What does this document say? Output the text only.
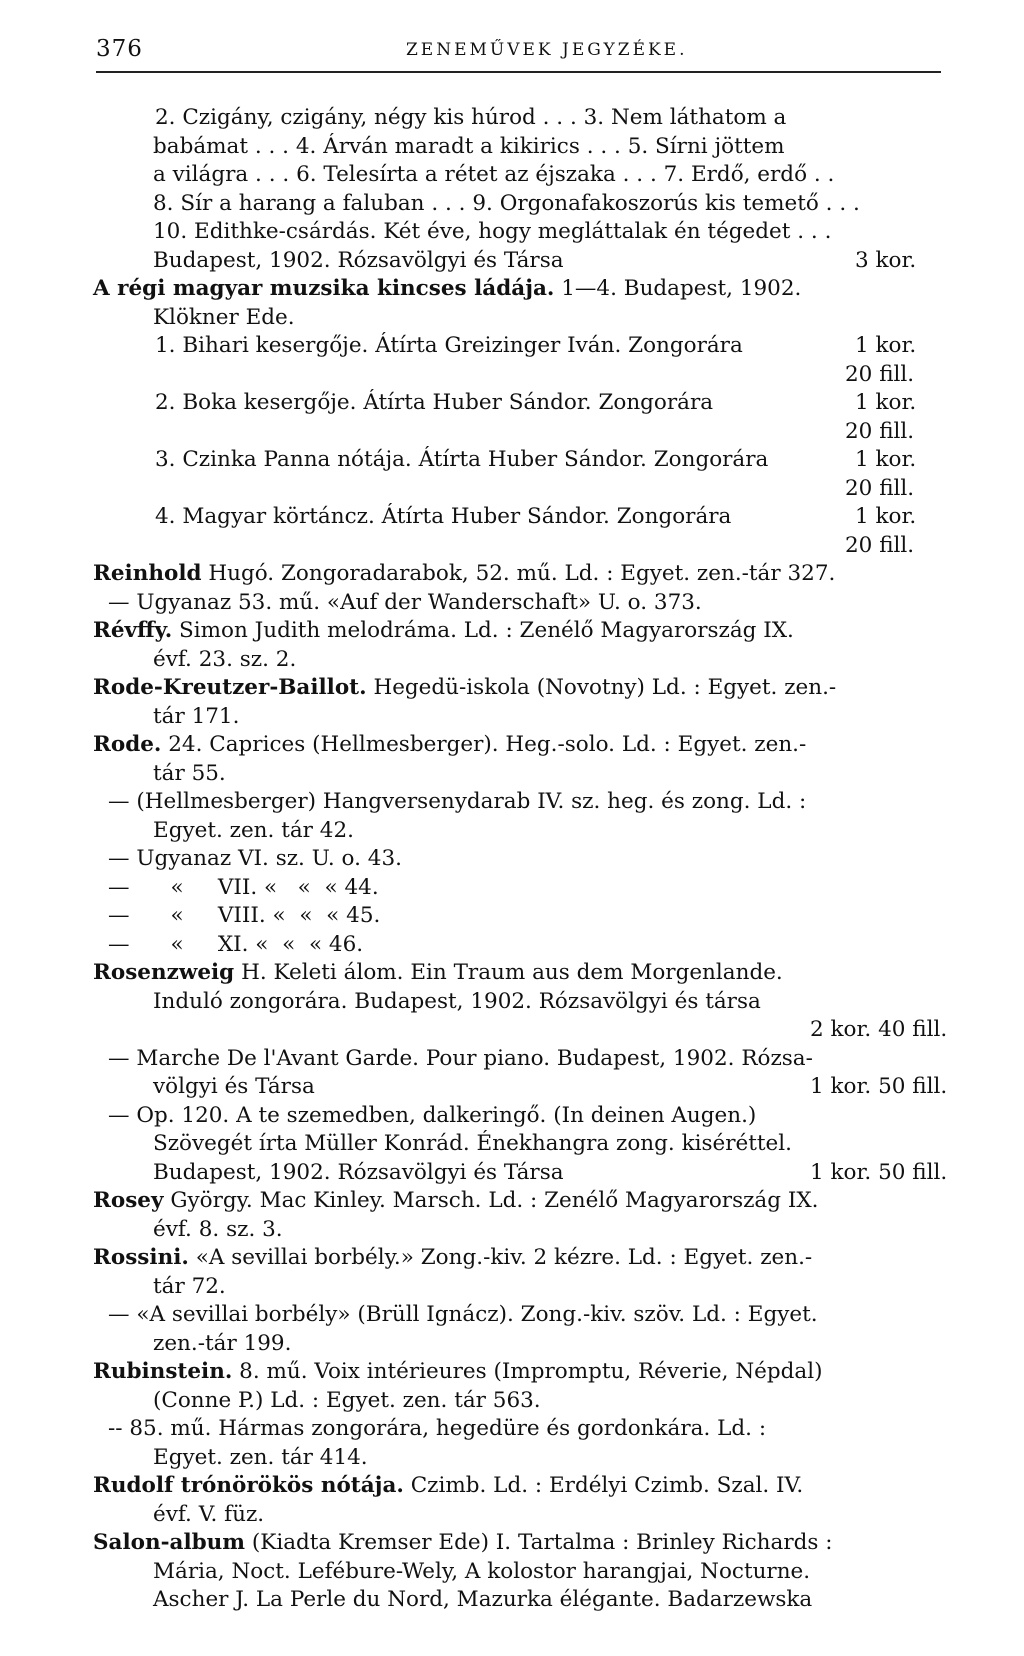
376	ZENEMŰVEK JEGYZÉKE.
2. Czigány, czigány, négy kis húrod . . . 3. Nem láthatom a
babámat . . . 4. Árván maradt a kikirics . . . 5. Sírni jöttem
a világra . . . 6. Telesírta a rétet az éjszaka . . . 7. Erdő, erdő . .
8. Sír a harang a faluban . . . 9. Orgonafakoszorús kis temető . . .
10. Edithke-csárdás. Két éve, hogy megláttalak én tégedet . . .
Budapest, 1902. Rózsavölgyi és Társa	3 kor.
A régi magyar muzsika kincses ládája. 1—4. Budapest, 1902.
Klökner Ede.
1. Bihari kesergője. Átírta Greizinger Iván. Zongorára	1 kor.
20 fill.
2. Boka kesergője. Átírta Huber Sándor. Zongorára	1 kor.
20 fill.
3. Czinka Panna nótája. Átírta Huber Sándor. Zongorára	1 kor.
20 fill.
4. Magyar körtáncz. Átírta Huber Sándor. Zongorára	1 kor.
20 fill.
Reinhold Hugó. Zongoradarabok, 52. mű. Ld. : Egyet. zen.-tár 327.
— Ugyanaz 53. mű. «Auf der Wanderschaft» U. o. 373.
Révffy. Simon Judith melodráma. Ld. : Zenélő Magyarország IX.
évf. 23. sz. 2.
Rode-Kreutzer-Baillot. Hegedü-iskola (Novotny) Ld. : Egyet. zen.-
tár 171.
Rode. 24. Caprices (Hellmesberger). Heg.-solo. Ld. : Egyet. zen.-
tár 55.
— (Hellmesberger) Hangversenydarab IV. sz. heg. és zong. Ld. :
Egyet. zen. tár 42.
— Ugyanaz VI. sz. U. o. 43.
—      «     VII. «   «  « 44.
—      «     VIII. «  «  « 45.
—      «     XI. «  «  « 46.
Rosenzweig H. Keleti álom. Ein Traum aus dem Morgenlande.
Induló zongorára. Budapest, 1902. Rózsavölgyi és társa
2 kor. 40 fill.
— Marche De l'Avant Garde. Pour piano. Budapest, 1902. Rózsa-
völgyi és Társa	1 kor. 50 fill.
— Op. 120. A te szemedben, dalkeringő. (In deinen Augen.)
Szövegét írta Müller Konrád. Énekhangra zong. kiséréttel.
Budapest, 1902. Rózsavölgyi és Társa	1 kor. 50 fill.
Rosey György. Mac Kinley. Marsch. Ld. : Zenélő Magyarország IX.
évf. 8. sz. 3.
Rossini. «A sevillai borbély.» Zong.-kiv. 2 kézre. Ld. : Egyet. zen.-
tár 72.
— «A sevillai borbély» (Brüll Ignácz). Zong.-kiv. szöv. Ld. : Egyet.
zen.-tár 199.
Rubinstein. 8. mű. Voix intérieures (Impromptu, Réverie, Népdal)
(Conne P.) Ld. : Egyet. zen. tár 563.
-- 85. mű. Hármas zongorára, hegedüre és gordonkára. Ld. :
Egyet. zen. tár 414.
Rudolf trónörökös nótája. Czimb. Ld. : Erdélyi Czimb. Szal. IV.
évf. V. füz.
Salon-album (Kiadta Kremser Ede) I. Tartalma : Brinley Richards :
Mária, Noct. Lefébure-Wely, A kolostor harangjai, Nocturne.
Ascher J. La Perle du Nord, Mazurka élégante. Badarzewska
